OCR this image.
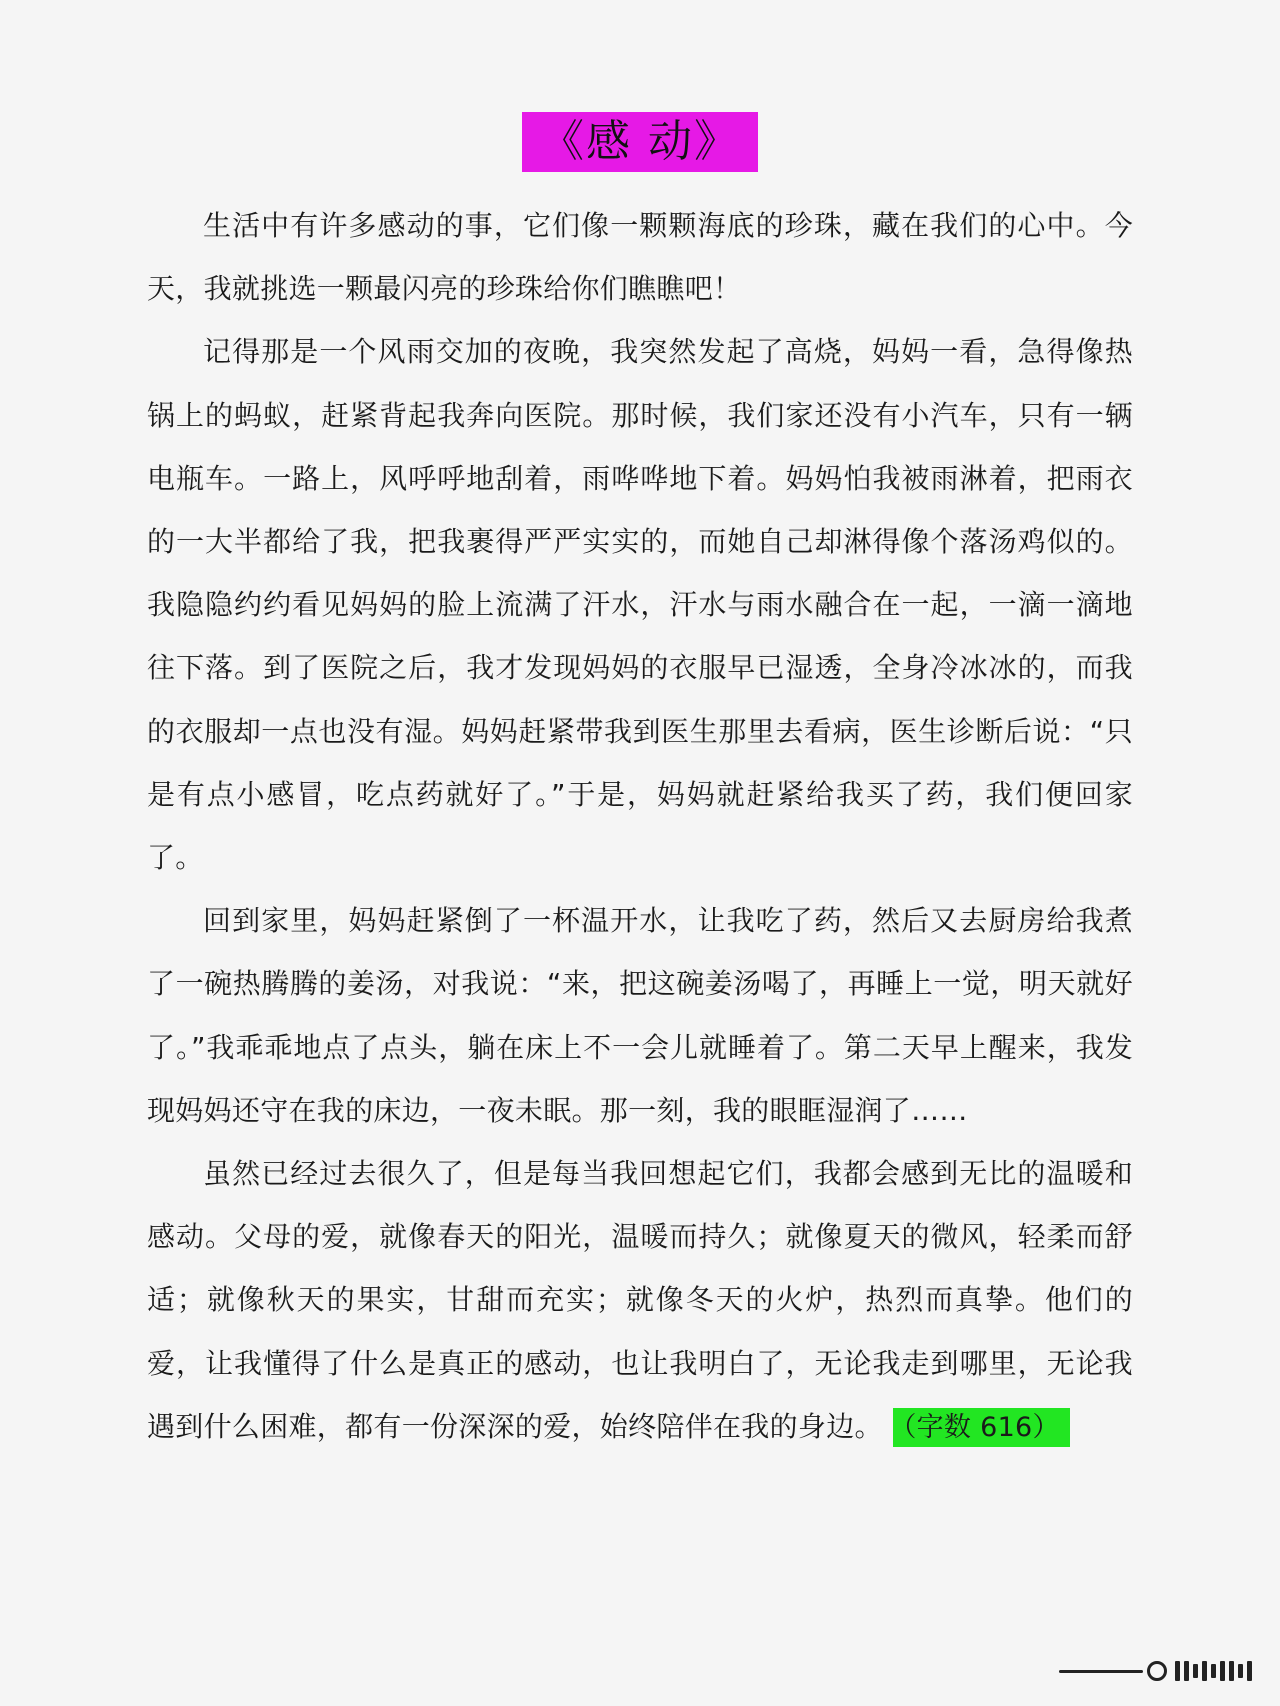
《感 动》

生活中有许多感动的事，它们像一颗颗海底的珍珠，藏在我们的心中。今天，我就挑选一颗最闪亮的珍珠给你们瞧瞧吧！

记得那是一个风雨交加的夜晚，我突然发起了高烧，妈妈一看，急得像热锅上的蚂蚁，赶紧背起我奔向医院。那时候，我们家还没有小汽车，只有一辆电瓶车。一路上，风呼呼地刮着，雨哗哗地下着。妈妈怕我被雨淋着，把雨衣的一大半都给了我，把我裹得严严实实的，而她自己却淋得像个落汤鸡似的。我隐隐约约看见妈妈的脸上流满了汗水，汗水与雨水融合在一起，一滴一滴地往下落。到了医院之后，我才发现妈妈的衣服早已湿透，全身冷冰冰的，而我的衣服却一点也没有湿。妈妈赶紧带我到医生那里去看病，医生诊断后说：“只是有点小感冒，吃点药就好了。”于是，妈妈就赶紧给我买了药，我们便回家了。

回到家里，妈妈赶紧倒了一杯温开水，让我吃了药，然后又去厨房给我煮了一碗热腾腾的姜汤，对我说：“来，把这碗姜汤喝了，再睡上一觉，明天就好了。”我乖乖地点了点头，躺在床上不一会儿就睡着了。第二天早上醒来，我发现妈妈还守在我的床边，一夜未眠。那一刻，我的眼眶湿润了……

虽然已经过去很久了，但是每当我回想起它们，我都会感到无比的温暖和感动。父母的爱，就像春天的阳光，温暖而持久；就像夏天的微风，轻柔而舒适；就像秋天的果实，甘甜而充实；就像冬天的火炉，热烈而真挚。他们的爱，让我懂得了什么是真正的感动，也让我明白了，无论我走到哪里，无论我遇到什么困难，都有一份深深的爱，始终陪伴在我的身边。 （字数 616）
